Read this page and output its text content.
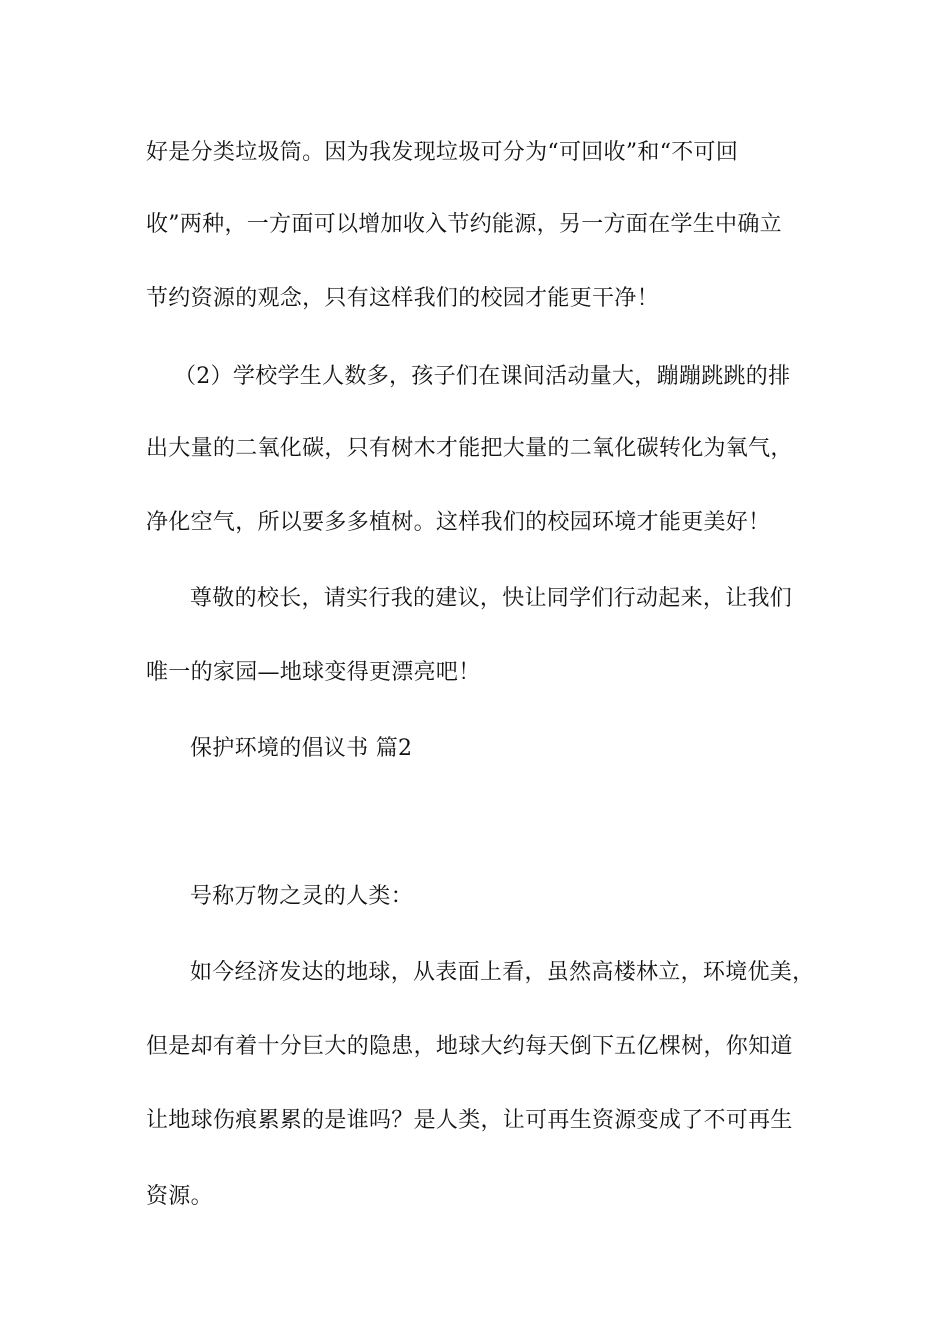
好是分类垃圾筒。因为我发现垃圾可分为“可回收”和“不可回
收”两种，一方面可以增加收入节约能源，另一方面在学生中确立
节约资源的观念，只有这样我们的校园才能更干净！
（2）学校学生人数多，孩子们在课间活动量大，蹦蹦跳跳的排
出大量的二氧化碳，只有树木才能把大量的二氧化碳转化为氧气，
净化空气，所以要多多植树。这样我们的校园环境才能更美好！
尊敬的校长，请实行我的建议，快让同学们行动起来，让我们
唯一的家园—地球变得更漂亮吧！
保护环境的倡议书 篇2
号称万物之灵的人类：
如今经济发达的地球，从表面上看，虽然高楼林立，环境优美，
但是却有着十分巨大的隐患，地球大约每天倒下五亿棵树，你知道
让地球伤痕累累的是谁吗？是人类，让可再生资源变成了不可再生
资源。
